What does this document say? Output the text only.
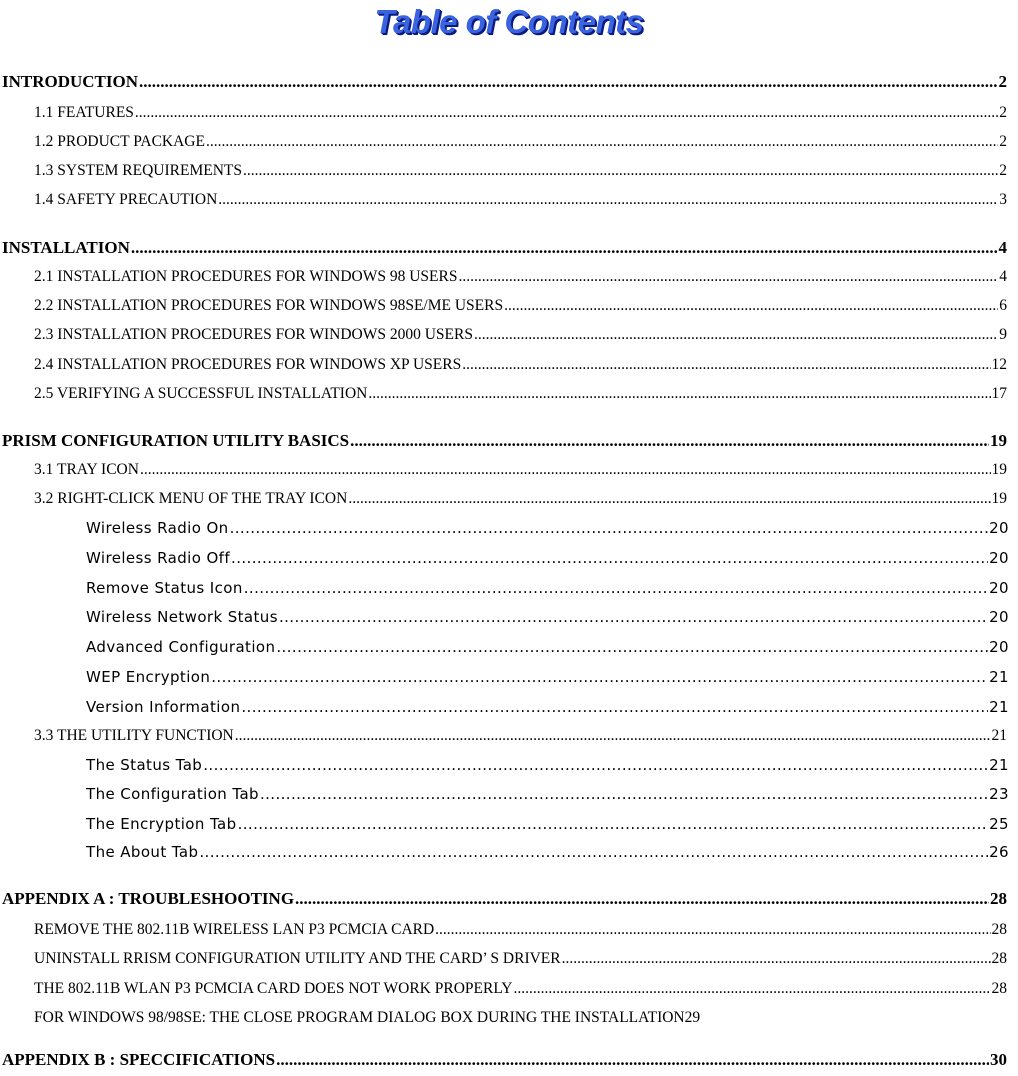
Table of Contents
INTRODUCTION .....	2
1.1 FEATURES .....	2
1.2 PRODUCT PACKAGE .....	2
1.3 SYSTEM REQUIREMENTS .....	2
1.4 SAFETY PRECAUTION .....	3
INSTALLATION .....	4
2.1 INSTALLATION PROCEDURES FOR WINDOWS 98 USERS .....	4
2.2 INSTALLATION PROCEDURES FOR WINDOWS 98SE/ME USERS .....	6
2.3 INSTALLATION PROCEDURES FOR WINDOWS 2000 USERS .....	9
2.4 INSTALLATION PROCEDURES FOR WINDOWS XP USERS .....	12
2.5 VERIFYING A SUCCESSFUL INSTALLATION .....	17
PRISM CONFIGURATION UTILITY BASICS .....	19
3.1 TRAY ICON .....	19
3.2 RIGHT-CLICK MENU OF THE TRAY ICON .....	19
Wireless Radio On .....	20
Wireless Radio Off .....	20
Remove Status Icon .....	20
Wireless Network Status .....	20
Advanced Configuration .....	20
WEP Encryption .....	21
Version Information .....	21
3.3 THE UTILITY FUNCTION .....	21
The Status Tab .....	21
The Configuration Tab .....	23
The Encryption Tab .....	25
The About Tab .....	26
APPENDIX A : TROUBLESHOOTING .....	28
REMOVE THE 802.11B WIRELESS LAN P3 PCMCIA CARD .....	28
UNINSTALL RRISM CONFIGURATION UTILITY AND THE CARD’ S DRIVER .....	28
THE 802.11B WLAN P3 PCMCIA CARD DOES NOT WORK PROPERLY .....	28
FOR WINDOWS 98/98SE: THE CLOSE PROGRAM DIALOG BOX DURING THE INSTALLATION 29
APPENDIX B : SPECCIFICATIONS .....	30
